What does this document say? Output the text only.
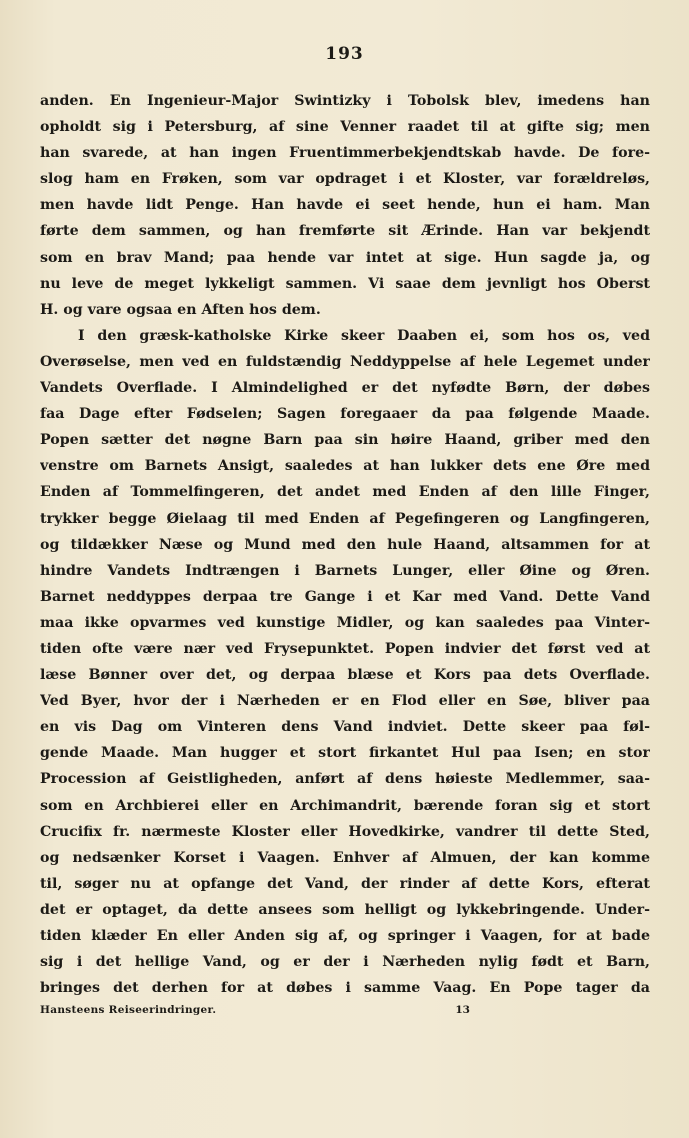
193
anden. En Ingenieur-Major Swintizky i Tobolsk blev, imedens han
opholdt sig i Petersburg, af sine Venner raadet til at gifte sig; men
han svarede, at han ingen Fruentimmerbekjendtskab havde. De fore-
slog ham en Frøken, som var opdraget i et Kloster, var forældreløs,
men havde lidt Penge. Han havde ei seet hende, hun ei ham. Man
førte dem sammen, og han fremførte sit Ærinde. Han var bekjendt
som en brav Mand; paa hende var intet at sige. Hun sagde ja, og
nu leve de meget lykkeligt sammen. Vi saae dem jevnligt hos Oberst
H. og vare ogsaa en Aften hos dem.
I den græsk-katholske Kirke skeer Daaben ei, som hos os, ved
Overøselse, men ved en fuldstændig Neddyppelse af hele Legemet under
Vandets Overflade. I Almindelighed er det nyfødte Børn, der døbes
faa Dage efter Fødselen; Sagen foregaaer da paa følgende Maade.
Popen sætter det nøgne Barn paa sin høire Haand, griber med den
venstre om Barnets Ansigt, saaledes at han lukker dets ene Øre med
Enden af Tommelfingeren, det andet med Enden af den lille Finger,
trykker begge Øielaag til med Enden af Pegefingeren og Langfingeren,
og tildækker Næse og Mund med den hule Haand, altsammen for at
hindre Vandets Indtrængen i Barnets Lunger, eller Øine og Øren.
Barnet neddyppes derpaa tre Gange i et Kar med Vand. Dette Vand
maa ikke opvarmes ved kunstige Midler, og kan saaledes paa Vinter-
tiden ofte være nær ved Frysepunktet. Popen indvier det først ved at
læse Bønner over det, og derpaa blæse et Kors paa dets Overflade.
Ved Byer, hvor der i Nærheden er en Flod eller en Søe, bliver paa
en vis Dag om Vinteren dens Vand indviet. Dette skeer paa føl-
gende Maade. Man hugger et stort firkantet Hul paa Isen; en stor
Procession af Geistligheden, anført af dens høieste Medlemmer, saa-
som en Archbierei eller en Archimandrit, bærende foran sig et stort
Crucifix fr. nærmeste Kloster eller Hovedkirke, vandrer til dette Sted,
og nedsænker Korset i Vaagen. Enhver af Almuen, der kan komme
til, søger nu at opfange det Vand, der rinder af dette Kors, efterat
det er optaget, da dette ansees som helligt og lykkebringende. Under-
tiden klæder En eller Anden sig af, og springer i Vaagen, for at bade
sig i det hellige Vand, og er der i Nærheden nylig født et Barn,
bringes det derhen for at døbes i samme Vaag. En Pope tager da
Hansteens Reiseerindringer.	13
